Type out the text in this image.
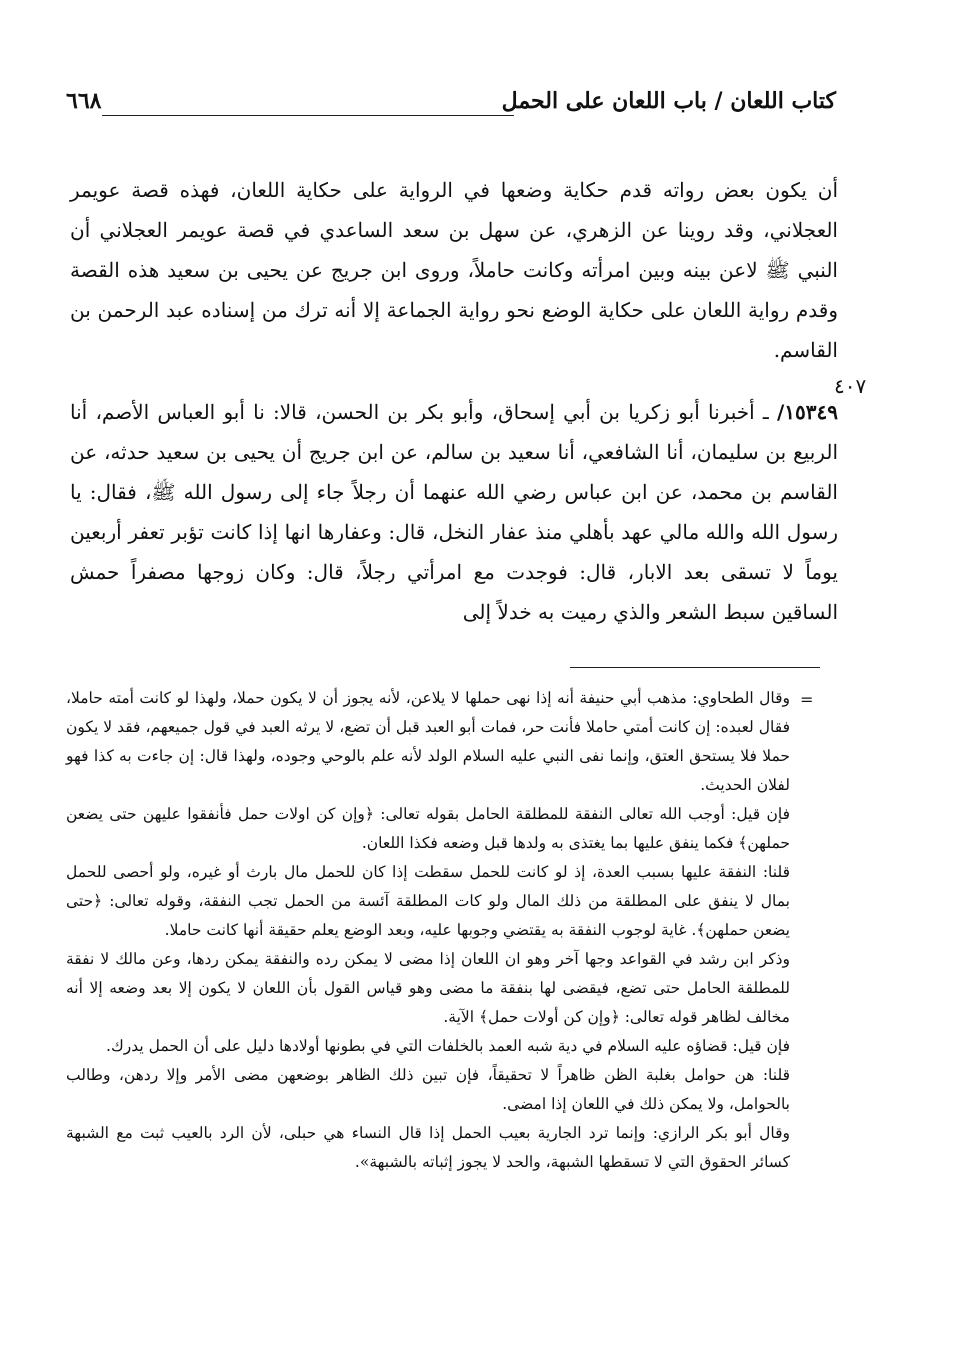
كتاب اللعان / باب اللعان على الحمل
٦٦٨

أن يكون بعض رواته قدم حكاية وضعها في الرواية على حكاية اللعان، فهذه قصة عويمر العجلاني، وقد روينا عن الزهري، عن سهل بن سعد الساعدي في قصة عويمر العجلاني أن النبي ﷺ لاعن بينه وبين امرأته وكانت حاملاً، وروى ابن جريج عن يحيى بن سعيد هذه القصة وقدم رواية اللعان على حكاية الوضع نحو رواية الجماعة إلا أنه ترك من إسناده عبد الرحمن بن القاسم.

٤٠٧

١٥٣٤٩/ ـ أخبرنا أبو زكريا بن أبي إسحاق، وأبو بكر بن الحسن، قالا: نا أبو العباس الأصم، أنا الربيع بن سليمان، أنا الشافعي، أنا سعيد بن سالم، عن ابن جريج أن يحيى بن سعيد حدثه، عن القاسم بن محمد، عن ابن عباس رضي الله عنهما أن رجلاً جاء إلى رسول الله ﷺ، فقال: يا رسول الله والله مالي عهد بأهلي منذ عفار النخل، قال: وعفارها انها إذا كانت تؤبر تعفر أربعين يوماً لا تسقى بعد الابار، قال: فوجدت مع امرأتي رجلاً، قال: وكان زوجها مصفراً حمش الساقين سبط الشعر والذي رميت به خدلاً إلى

=

وقال الطحاوي: مذهب أبي حنيفة أنه إذا نهى حملها لا يلاعن، لأنه يجوز أن لا يكون حملا، ولهذا لو كانت أمته حاملا، فقال لعبده: إن كانت أمتي حاملا فأنت حر، فمات أبو العبد قبل أن تضع، لا يرثه العبد في قول جميعهم، فقد لا يكون حملا فلا يستحق العتق، وإنما نفى النبي عليه السلام الولد لأنه علم بالوحي وجوده، ولهذا قال: إن جاءت به كذا فهو لفلان الحديث.

فإن قيل: أوجب الله تعالى النفقة للمطلقة الحامل بقوله تعالى: ﴿وإن كن اولات حمل فأنفقوا عليهن حتى يضعن حملهن﴾ فكما ينفق عليها بما يغتذى به ولدها قبل وضعه فكذا اللعان.

قلنا: النفقة عليها بسبب العدة، إذ لو كانت للحمل سقطت إذا كان للحمل مال بارث أو غيره، ولو أحصى للحمل بمال لا ينفق على المطلقة من ذلك المال ولو كات المطلقة آئسة من الحمل تجب النفقة، وقوله تعالى: ﴿حتى يضعن حملهن﴾. غاية لوجوب النفقة به يقتضي وجوبها عليه، وبعد الوضع يعلم حقيقة أنها كانت حاملا.

وذكر ابن رشد في القواعد وجها آخر وهو ان اللعان إذا مضى لا يمكن رده والنفقة يمكن ردها، وعن مالك لا نفقة للمطلقة الحامل حتى تضع، فيقضى لها بنفقة ما مضى وهو قياس القول بأن اللعان لا يكون إلا بعد وضعه إلا أنه مخالف لظاهر قوله تعالى: ﴿وإن كن أولات حمل﴾ الآية.

فإن قيل: قضاؤه عليه السلام في دية شبه العمد بالخلفات التي في بطونها أولادها دليل على أن الحمل يدرك.

قلنا: هن حوامل بغلبة الظن ظاهراً لا تحقيقاً، فإن تبين ذلك الظاهر بوضعهن مضى الأمر وإلا ردهن، وطالب بالحوامل، ولا يمكن ذلك في اللعان إذا امضى.

وقال أبو بكر الرازي: وإنما ترد الجارية بعيب الحمل إذا قال النساء هي حبلى، لأن الرد بالعيب ثبت مع الشبهة كسائر الحقوق التي لا تسقطها الشبهة، والحد لا يجوز إثباته بالشبهة».
